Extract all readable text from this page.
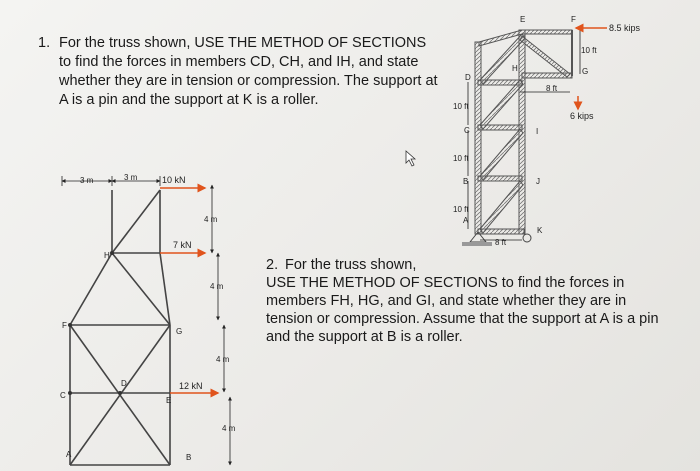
1. For the truss shown, USE THE METHOD OF SECTIONS to find the forces in members CD, CH, and IH, and state whether they are in tension or compression. The support at A is a pin and the support at K is a roller.
2. For the truss shown,
USE THE METHOD OF SECTIONS to find the forces in members FH, HG, and GI, and state whether they are in tension or compression. Assume that the support at A is a pin and the support at B is a roller.
3 m	3 m
4 m
4 m
4 m
4 m
10 kN
7 kN
12 kN
H
F
G
C
D
E
A	B
8.5 kips
6 kips
10 ft
10 ft
10 ft
10 ft
8 ft
8 ft
E	F
D
H	G
C	I
B	J
A
K
